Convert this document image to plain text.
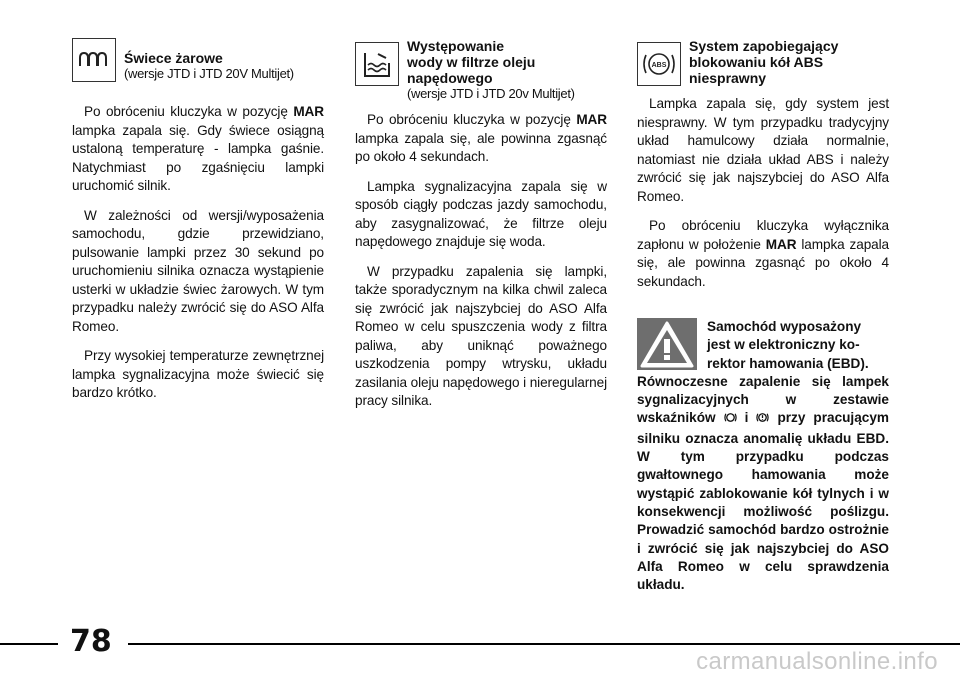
Świece żarowe
(wersje JTD i JTD 20V Multijet)

Po obróceniu kluczyka w pozycję MAR lampka zapala się. Gdy świece osiągną ustaloną temperaturę - lampka gaśnie. Natychmiast po zgaśnięciu lampki uruchomić silnik.

W zależności od wersji/wyposażenia samochodu, gdzie przewidziano, pulsowanie lampki przez 30 sekund po uruchomieniu silnika oznacza wystąpienie usterki w układzie świec żarowych. W tym przypadku należy zwrócić się do ASO Alfa Romeo.

Przy wysokiej temperaturze zewnętrznej lampka sygnalizacyjna może świecić się bardzo krótko.

Występowanie
wody w filtrze oleju
napędowego
(wersje JTD i JTD 20v Multijet)

Po obróceniu kluczyka w pozycję MAR lampka zapala się, ale powinna zgasnąć po około 4 sekundach.

Lampka sygnalizacyjna zapala się w sposób ciągły podczas jazdy samochodu, aby zasygnalizować, że filtrze oleju napędowego znajduje się woda.

W przypadku zapalenia się lampki, także sporadycznym na kilka chwil zaleca się zwrócić jak najszybciej do ASO Alfa Romeo w celu spuszczenia wody z filtra paliwa, aby uniknąć poważnego uszkodzenia pompy wtrysku, układu zasilania oleju napędowego i nieregularnej pracy silnika.

ABS
System zapobiegający
blokowaniu kół ABS
niesprawny

Lampka zapala się, gdy system jest niesprawny. W tym przypadku tradycyjny układ hamulcowy działa normalnie, natomiast nie działa układ ABS i należy zwrócić się jak najszybciej do ASO Alfa Romeo.

Po obróceniu kluczyka wyłącznika zapłonu w położenie MAR lampka zapala się, ale powinna zgasnąć po około 4 sekundach.

Samochód wyposażony
jest w elektroniczny ko-
rektor hamowania (EBD).
Równoczesne zapalenie się lampek sygnalizacyjnych w zestawie wskaźników  i  przy pracującym silniku oznacza anomalię układu EBD. W tym przypadku podczas gwałtownego hamowania może wystąpić zablokowanie kół tylnych i w konsekwencji możliwość poślizgu. Prowadzić samochód bardzo ostrożnie i zwrócić się jak najszybciej do ASO Alfa Romeo w celu sprawdzenia układu.
78
carmanualsonline.info
